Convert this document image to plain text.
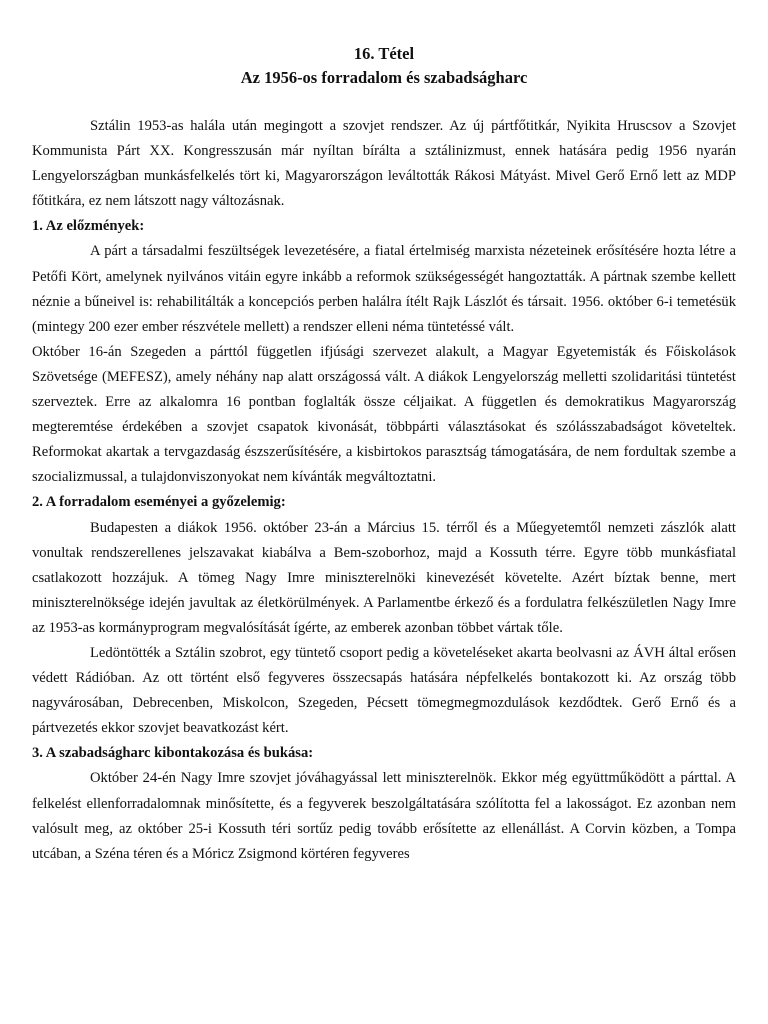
16. Tétel

Az 1956-os forradalom és szabadságharc

Sztálin 1953-as halála után megingott a szovjet rendszer. Az új pártfőtitkár, Nyikita Hruscsov a Szovjet Kommunista Párt XX. Kongresszusán már nyíltan bírálta a sztálinizmust, ennek hatására pedig 1956 nyarán Lengyelországban munkásfelkelés tört ki, Magyarországon leváltották Rákosi Mátyást. Mivel Gerő Ernő lett az MDP főtitkára, ez nem látszott nagy változásnak.

1. Az előzmények:

A párt a társadalmi feszültségek levezetésére, a fiatal értelmiség marxista nézeteinek erősítésére hozta létre a Petőfi Kört, amelynek nyilvános vitáin egyre inkább a reformok szükségességét hangoztatták. A pártnak szembe kellett néznie a bűneivel is: rehabilitálták a koncepciós perben halálra ítélt Rajk Lászlót és társait. 1956. október 6-i temetésük (mintegy 200 ezer ember részvétele mellett) a rendszer elleni néma tüntetéssé vált.

Október 16-án Szegeden a párttól független ifjúsági szervezet alakult, a Magyar Egyetemisták és Főiskolások Szövetsége (MEFESZ), amely néhány nap alatt országossá vált. A diákok Lengyelország melletti szolidaritási tüntetést szerveztek. Erre az alkalomra 16 pontban foglalták össze céljaikat. A független és demokratikus Magyarország megteremtése érdekében a szovjet csapatok kivonását, többpárti választásokat és szólásszabadságot követeltek. Reformokat akartak a tervgazdaság észszerűsítésére, a kisbirtokos parasztság támogatására, de nem fordultak szembe a szocializmussal, a tulajdonviszonyokat nem kívánták megváltoztatni.

2. A forradalom eseményei a győzelemig:

Budapesten a diákok 1956. október 23-án a Március 15. térről és a Műegyetemtől nemzeti zászlók alatt vonultak rendszerellenes jelszavakat kiabálva a Bem-szoborhoz, majd a Kossuth térre. Egyre több munkásfiatal csatlakozott hozzájuk. A tömeg Nagy Imre miniszterelnöki kinevezését követelte. Azért bíztak benne, mert miniszterelnöksége idején javultak az életkörülmények. A Parlamentbe érkező és a fordulatra felkészületlen Nagy Imre az 1953-as kormányprogram megvalósítását ígérte, az emberek azonban többet vártak tőle.

Ledöntötték a Sztálin szobrot, egy tüntető csoport pedig a követeléseket akarta beolvasni az ÁVH által erősen védett Rádióban. Az ott történt első fegyveres összecsapás hatására népfelkelés bontakozott ki. Az ország több nagyvárosában, Debrecenben, Miskolcon, Szegeden, Pécsett tömegmegmozdulások kezdődtek. Gerő Ernő és a pártvezetés ekkor szovjet beavatkozást kért.

3. A szabadságharc kibontakozása és bukása:

Október 24-én Nagy Imre szovjet jóváhagyással lett miniszterelnök. Ekkor még együttműködött a párttal. A felkelést ellenforradalomnak minősítette, és a fegyverek beszolgáltatására szólította fel a lakosságot. Ez azonban nem valósult meg, az október 25-i Kossuth téri sortűz pedig tovább erősítette az ellenállást. A Corvin közben, a Tompa utcában, a Széna téren és a Móricz Zsigmond körtéren fegyveres
